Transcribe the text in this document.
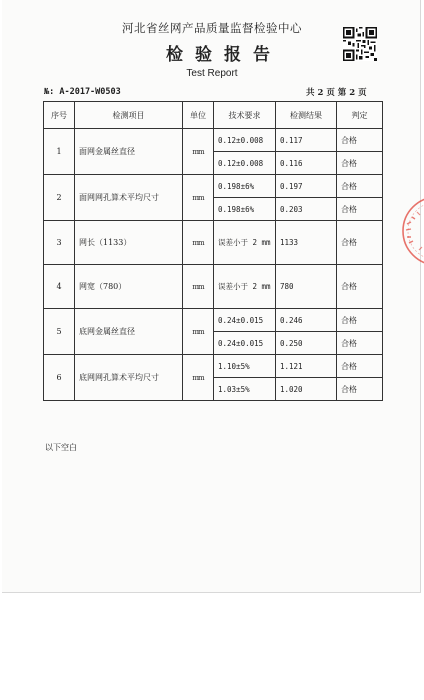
河北省丝网产品质量监督检验中心
检验报告
Test Report
№: A-2017-W0503	共 2 页 第 2 页
序号	检测项目	单位	技术要求	检测结果	判定
1	面网金属丝直径	mm	0.12±0.008	0.117	合格
			0.12±0.008	0.116	合格
2	面网网孔算术平均尺寸	mm	0.198±6%	0.197	合格
			0.198±6%	0.203	合格
3	网长（1133）	mm	误差小于 2 mm	1133	合格
4	网宽（780）	mm	误差小于 2 mm	780	合格
5	底网金属丝直径	mm	0.24±0.015	0.246	合格
			0.24±0.015	0.250	合格
6	底网网孔算术平均尺寸	mm	1.10±5%	1.121	合格
			1.03±5%	1.020	合格
以下空白
